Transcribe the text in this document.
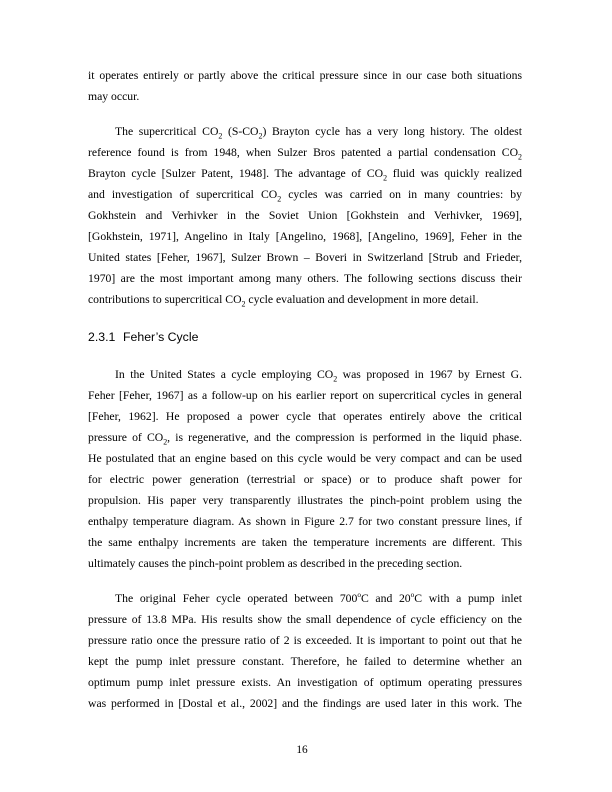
it operates entirely or partly above the critical pressure since in our case both situations
may occur.
The supercritical $CO_2$ $(S-CO_2)$ Brayton cycle has a very long history. The oldest
reference found is from 1948, when Sulzer Bros patented a partial condensation $CO_2$
Brayton cycle [Sulzer Patent, 1948]. The advantage of $CO_2$ fluid was quickly realized
and investigation of supercritical $CO_2$ cycles was carried on in many countries: by
Gokhstein and Verhivker in the Soviet Union [Gokhstein and Verhivker, 1969],
[Gokhstein, 1971], Angelino in Italy [Angelino, 1968], [Angelino, 1969], Feher in the
United states [Feher, 1967], Sulzer Brown – Boveri in Switzerland [Strub and Frieder,
1970] are the most important among many others. The following sections discuss their
contributions to supercritical $CO_2$ cycle evaluation and development in more detail.
2.3.1 Feher’s Cycle
In the United States a cycle employing $CO_2$ was proposed in 1967 by Ernest G.
Feher [Feher, 1967] as a follow-up on his earlier report on supercritical cycles in general
[Feher, 1962]. He proposed a power cycle that operates entirely above the critical
pressure of $CO_2$, is regenerative, and the compression is performed in the liquid phase.
He postulated that an engine based on this cycle would be very compact and can be used
for electric power generation (terrestrial or space) or to produce shaft power for
propulsion. His paper very transparently illustrates the pinch-point problem using the
enthalpy temperature diagram. As shown in Figure 2.7 for two constant pressure lines, if
the same enthalpy increments are taken the temperature increments are different. This
ultimately causes the pinch-point problem as described in the preceding section.
The original Feher cycle operated between 700$^o$C and 20$^o$C with a pump inlet
pressure of 13.8 MPa. His results show the small dependence of cycle efficiency on the
pressure ratio once the pressure ratio of 2 is exceeded. It is important to point out that he
kept the pump inlet pressure constant. Therefore, he failed to determine whether an
optimum pump inlet pressure exists. An investigation of optimum operating pressures
was performed in [Dostal et al., 2002] and the findings are used later in this work. The
16
